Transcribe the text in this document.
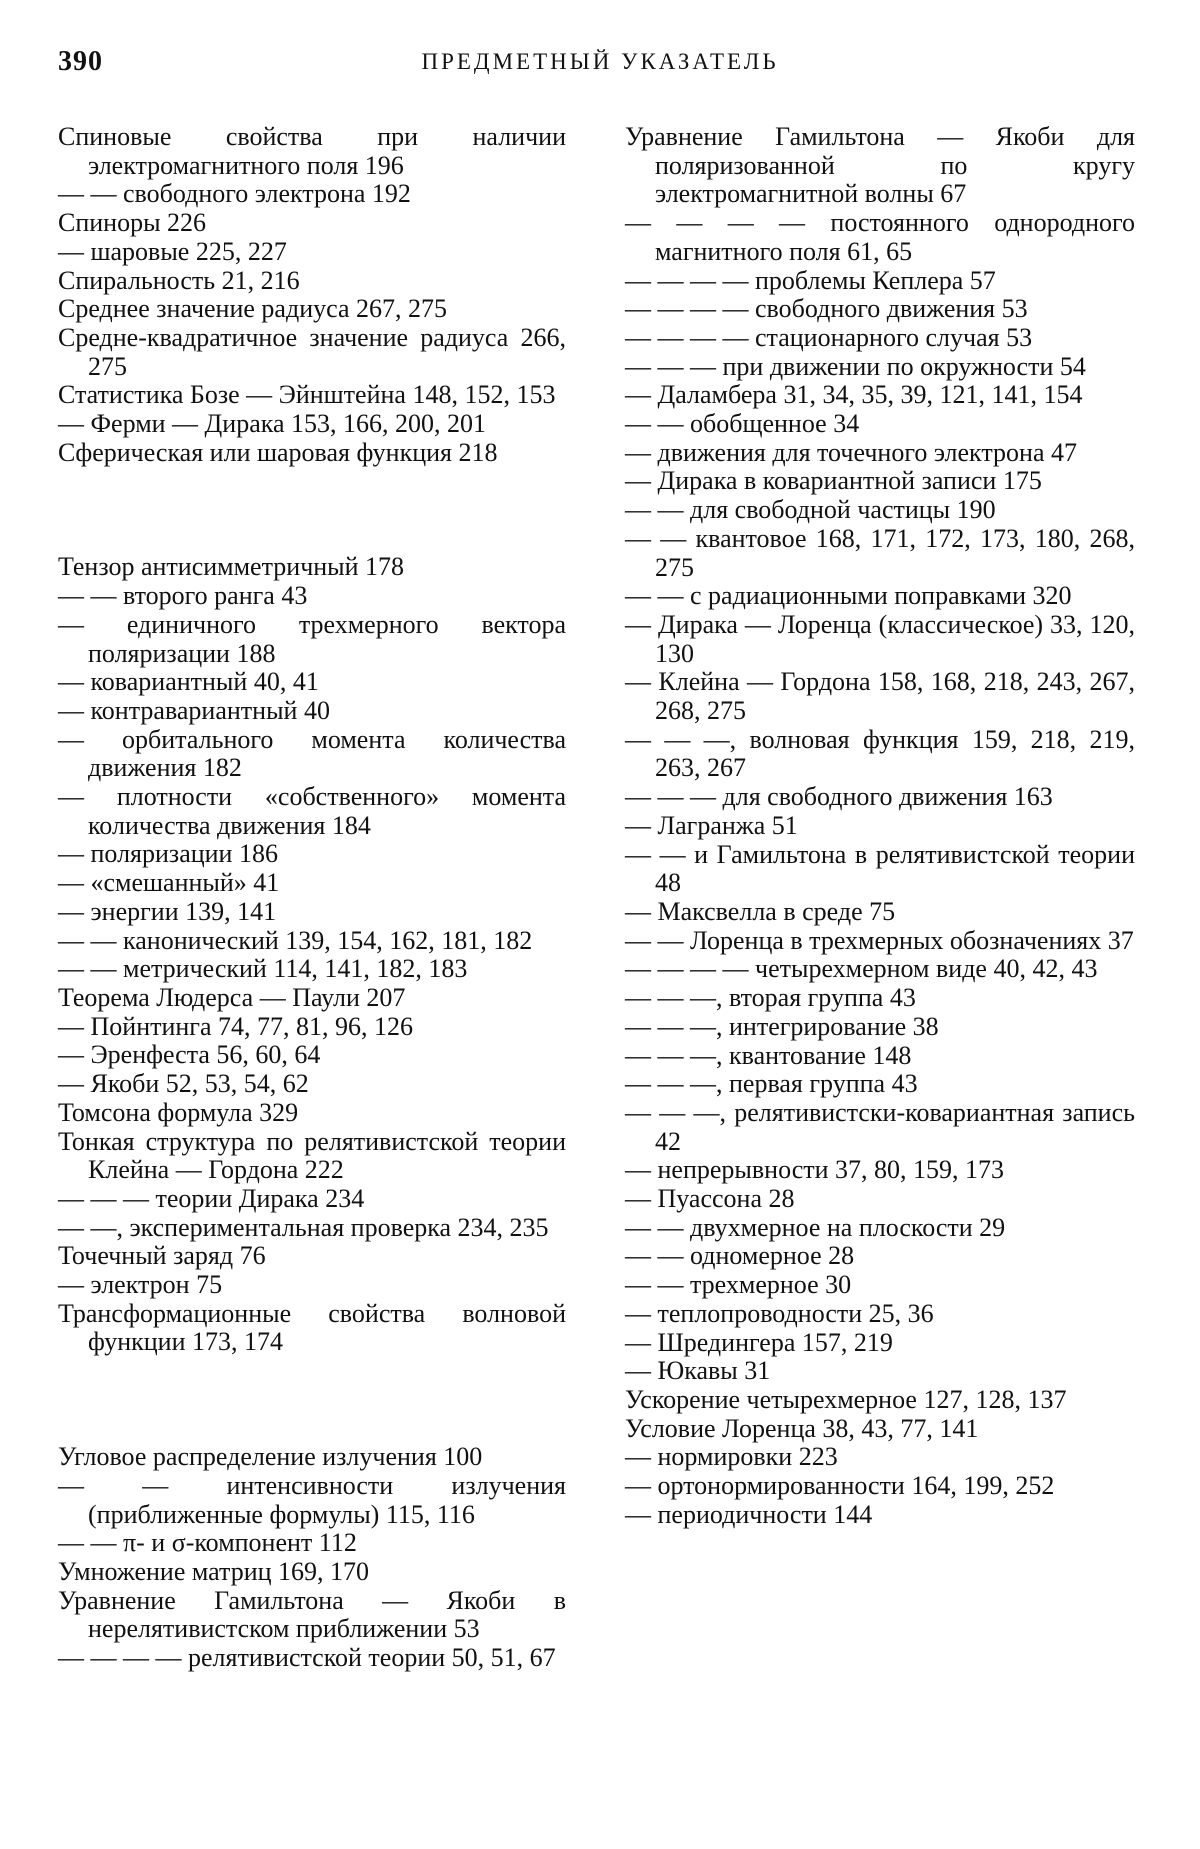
390	ПРЕДМЕТНЫЙ УКАЗАТЕЛЬ

Спиновые свойства при наличии электромагнитного поля 196

— — свободного электрона 192

Спиноры 226

— шаровые 225, 227

Спиральность 21, 216

Среднее значение радиуса 267, 275

Средне-квадратичное значение радиуса 266, 275

Статистика Бозе — Эйнштейна 148, 152, 153

— Ферми — Дирака 153, 166, 200, 201

Сферическая или шаровая функция 218

Тензор антисимметричный 178

— — второго ранга 43

— единичного трехмерного вектора поляризации 188

— ковариантный 40, 41

— контравариантный 40

— орбитального момента количества движения 182

— плотности «собственного» момента количества движения 184

— поляризации 186

— «смешанный» 41

— энергии 139, 141

— — канонический 139, 154, 162, 181, 182

— — метрический 114, 141, 182, 183

Теорема Людерса — Паули 207

— Пойнтинга 74, 77, 81, 96, 126

— Эренфеста 56, 60, 64

— Якоби 52, 53, 54, 62

Томсона формула 329

Тонкая структура по релятивистской теории Клейна — Гордона 222

— — — теории Дирака 234

— —, экспериментальная проверка 234, 235

Точечный заряд 76

— электрон 75

Трансформационные свойства волновой функции 173, 174

Угловое распределение излучения 100

— — интенсивности излучения (приближенные формулы) 115, 116

— — π- и σ-компонент 112

Умножение матриц 169, 170

Уравнение Гамильтона — Якоби в нерелятивистском приближении 53

— — — — релятивистской теории 50, 51, 67

Уравнение Гамильтона — Якоби для поляризованной по кругу электромагнитной волны 67

— — — — постоянного однородного магнитного поля 61, 65

— — — — проблемы Кеплера 57

— — — — свободного движения 53

— — — — стационарного случая 53

— — — при движении по окружности 54

— Даламбера 31, 34, 35, 39, 121, 141, 154

— — обобщенное 34

— движения для точечного электрона 47

— Дирака в ковариантной записи 175

— — для свободной частицы 190

— — квантовое 168, 171, 172, 173, 180, 268, 275

— — с радиационными поправками 320

— Дирака — Лоренца (классическое) 33, 120, 130

— Клейна — Гордона 158, 168, 218, 243, 267, 268, 275

— — —, волновая функция 159, 218, 219, 263, 267

— — — для свободного движения 163

— Лагранжа 51

— — и Гамильтона в релятивистской теории 48

— Максвелла в среде 75

— — Лоренца в трехмерных обозначениях 37

— — — — четырехмерном виде 40, 42, 43

— — —, вторая группа 43

— — —, интегрирование 38

— — —, квантование 148

— — —, первая группа 43

— — —, релятивистски-ковариантная запись 42

— непрерывности 37, 80, 159, 173

— Пуассона 28

— — двухмерное на плоскости 29

— — одномерное 28

— — трехмерное 30

— теплопроводности 25, 36

— Шредингера 157, 219

— Юкавы 31

Ускорение четырехмерное 127, 128, 137

Условие Лоренца 38, 43, 77, 141

— нормировки 223

— ортонормированности 164, 199, 252

— периодичности 144
